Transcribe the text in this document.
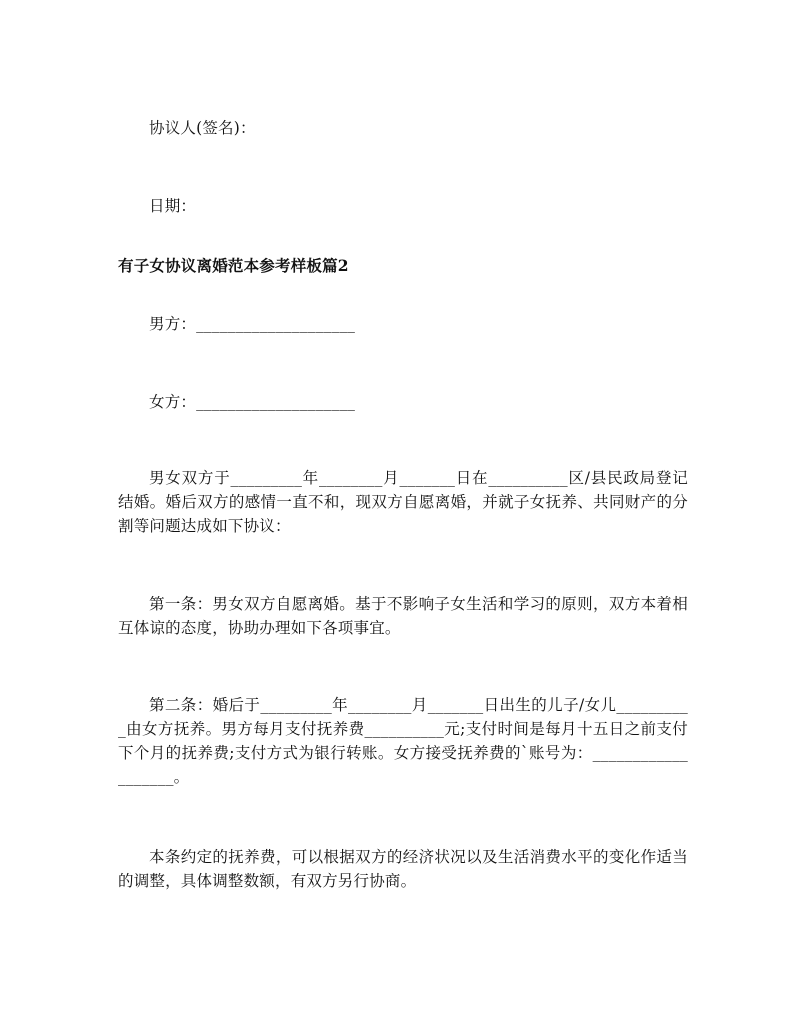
协议人(签名)：
日期：
有子女协议离婚范本参考样板篇2
男方：____________________
女方：____________________
男女双方于_________年________月_______日在__________区/县民政局登记结婚。婚后双方的感情一直不和，现双方自愿离婚，并就子女抚养、共同财产的分割等问题达成如下协议：
第一条：男女双方自愿离婚。基于不影响子女生活和学习的原则，双方本着相互体谅的态度，协助办理如下各项事宜。
第二条：婚后于_________年________月_______日出生的儿子/女儿__________由女方抚养。男方每月支付抚养费__________元;支付时间是每月十五日之前支付下个月的抚养费;支付方式为银行转账。女方接受抚养费的`账号为：___________________。
本条约定的抚养费，可以根据双方的经济状况以及生活消费水平的变化作适当的调整，具体调整数额，有双方另行协商。
